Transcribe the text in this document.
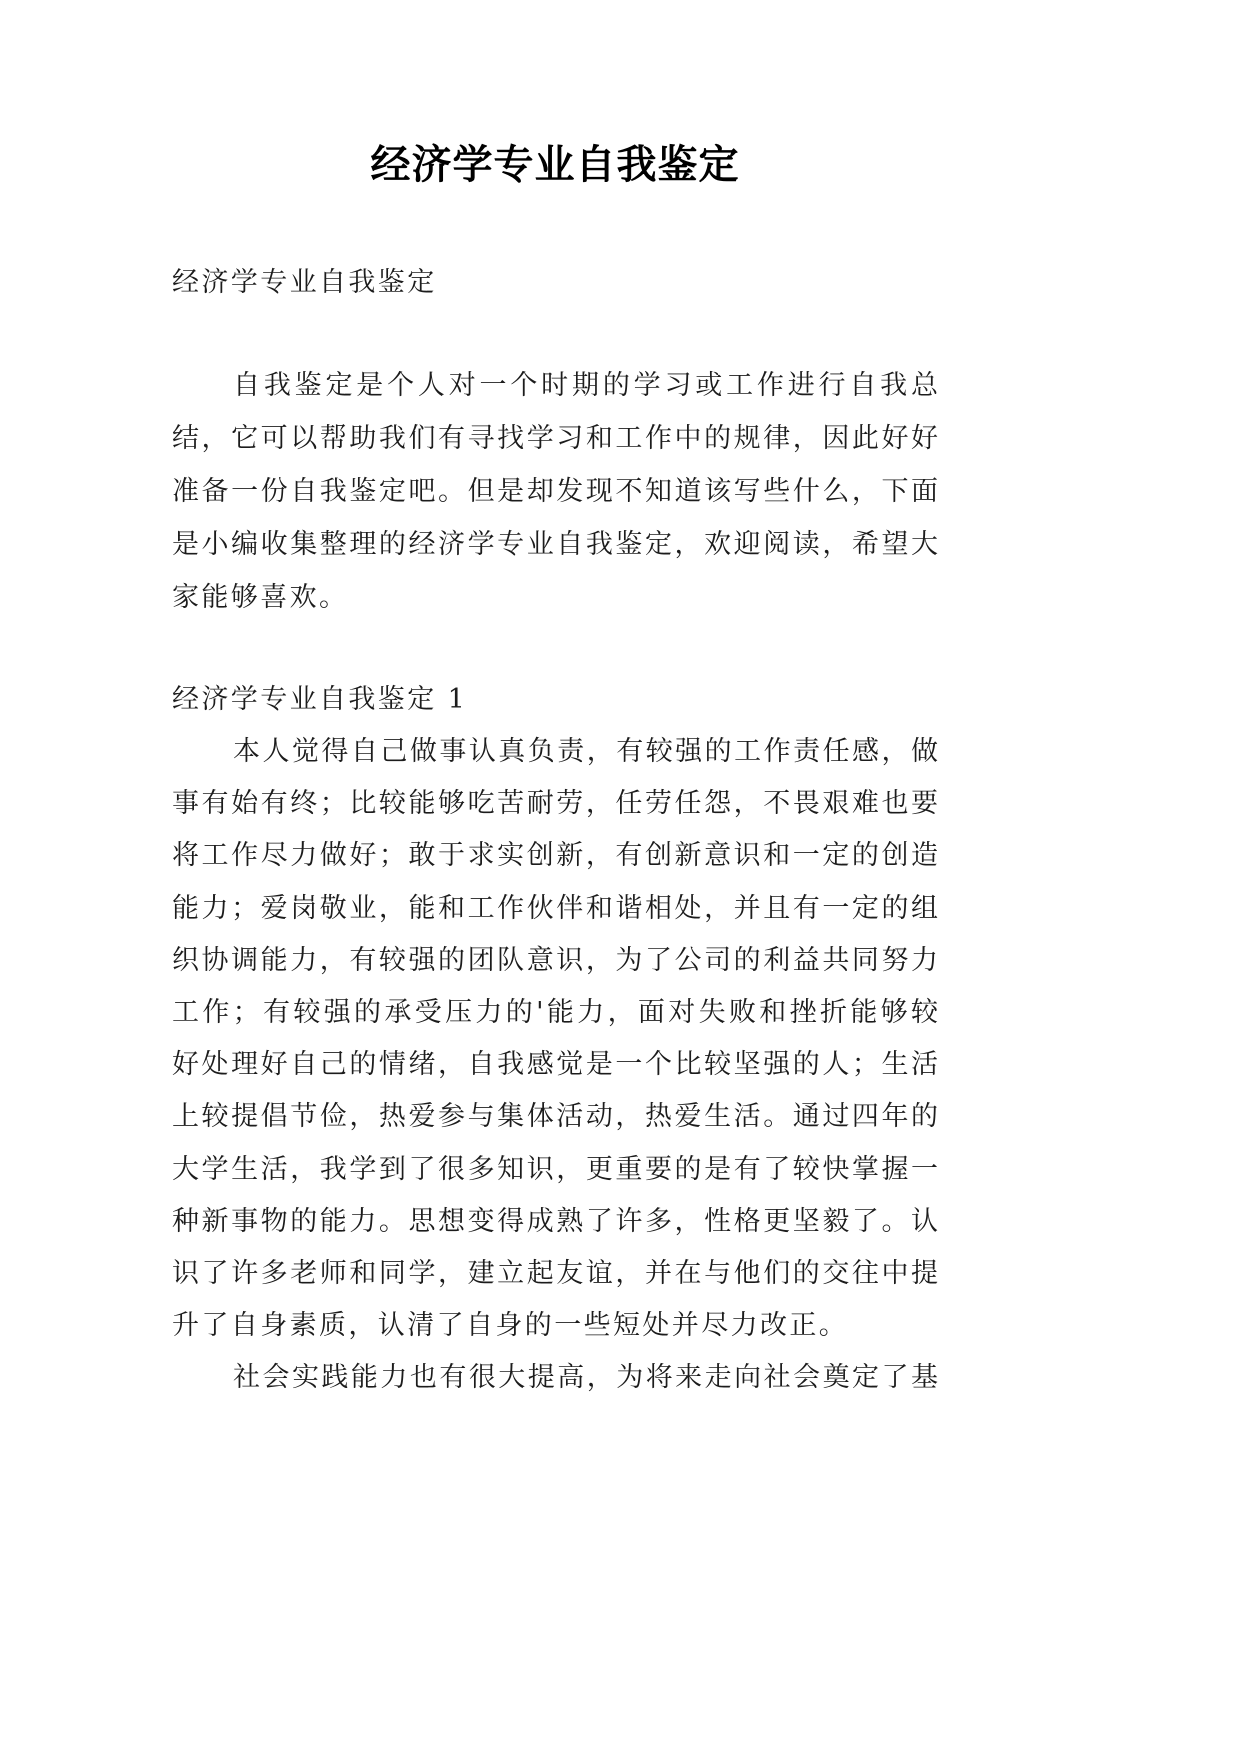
经济学专业自我鉴定
经济学专业自我鉴定
自我鉴定是个人对一个时期的学习或工作进行自我总
结，它可以帮助我们有寻找学习和工作中的规律，因此好好
准备一份自我鉴定吧。但是却发现不知道该写些什么，下面
是小编收集整理的经济学专业自我鉴定，欢迎阅读，希望大
家能够喜欢。
经济学专业自我鉴定 1
本人觉得自己做事认真负责，有较强的工作责任感，做
事有始有终；比较能够吃苦耐劳，任劳任怨，不畏艰难也要
将工作尽力做好；敢于求实创新，有创新意识和一定的创造
能力；爱岗敬业，能和工作伙伴和谐相处，并且有一定的组
织协调能力，有较强的团队意识，为了公司的利益共同努力
工作；有较强的承受压力的'能力，面对失败和挫折能够较
好处理好自己的情绪，自我感觉是一个比较坚强的人；生活
上较提倡节俭，热爱参与集体活动，热爱生活。通过四年的
大学生活，我学到了很多知识，更重要的是有了较快掌握一
种新事物的能力。思想变得成熟了许多，性格更坚毅了。认
识了许多老师和同学，建立起友谊，并在与他们的交往中提
升了自身素质，认清了自身的一些短处并尽力改正。
社会实践能力也有很大提高，为将来走向社会奠定了基
